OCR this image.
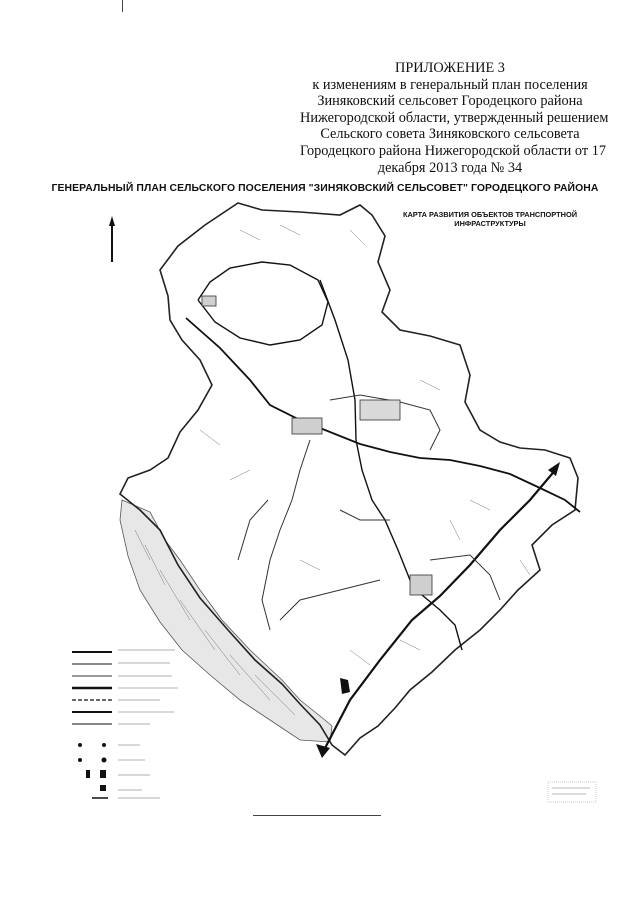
ПРИЛОЖЕНИЕ 3
к изменениям в генеральный план поселения
Зиняковский сельсовет Городецкого района
Нижегородской области, утвержденный решением
Сельского совета Зиняковского сельсовета
Городецкого района Нижегородской области от 17
декабря 2013 года № 34
ГЕНЕРАЛЬНЫЙ ПЛАН СЕЛЬСКОГО ПОСЕЛЕНИЯ "ЗИНЯКОВСКИЙ СЕЛЬСОВЕТ" ГОРОДЕЦКОГО РАЙОНА
КАРТА РАЗВИТИЯ ОБЪЕКТОВ ТРАНСПОРТНОЙ
ИНФРАСТРУКТУРЫ
